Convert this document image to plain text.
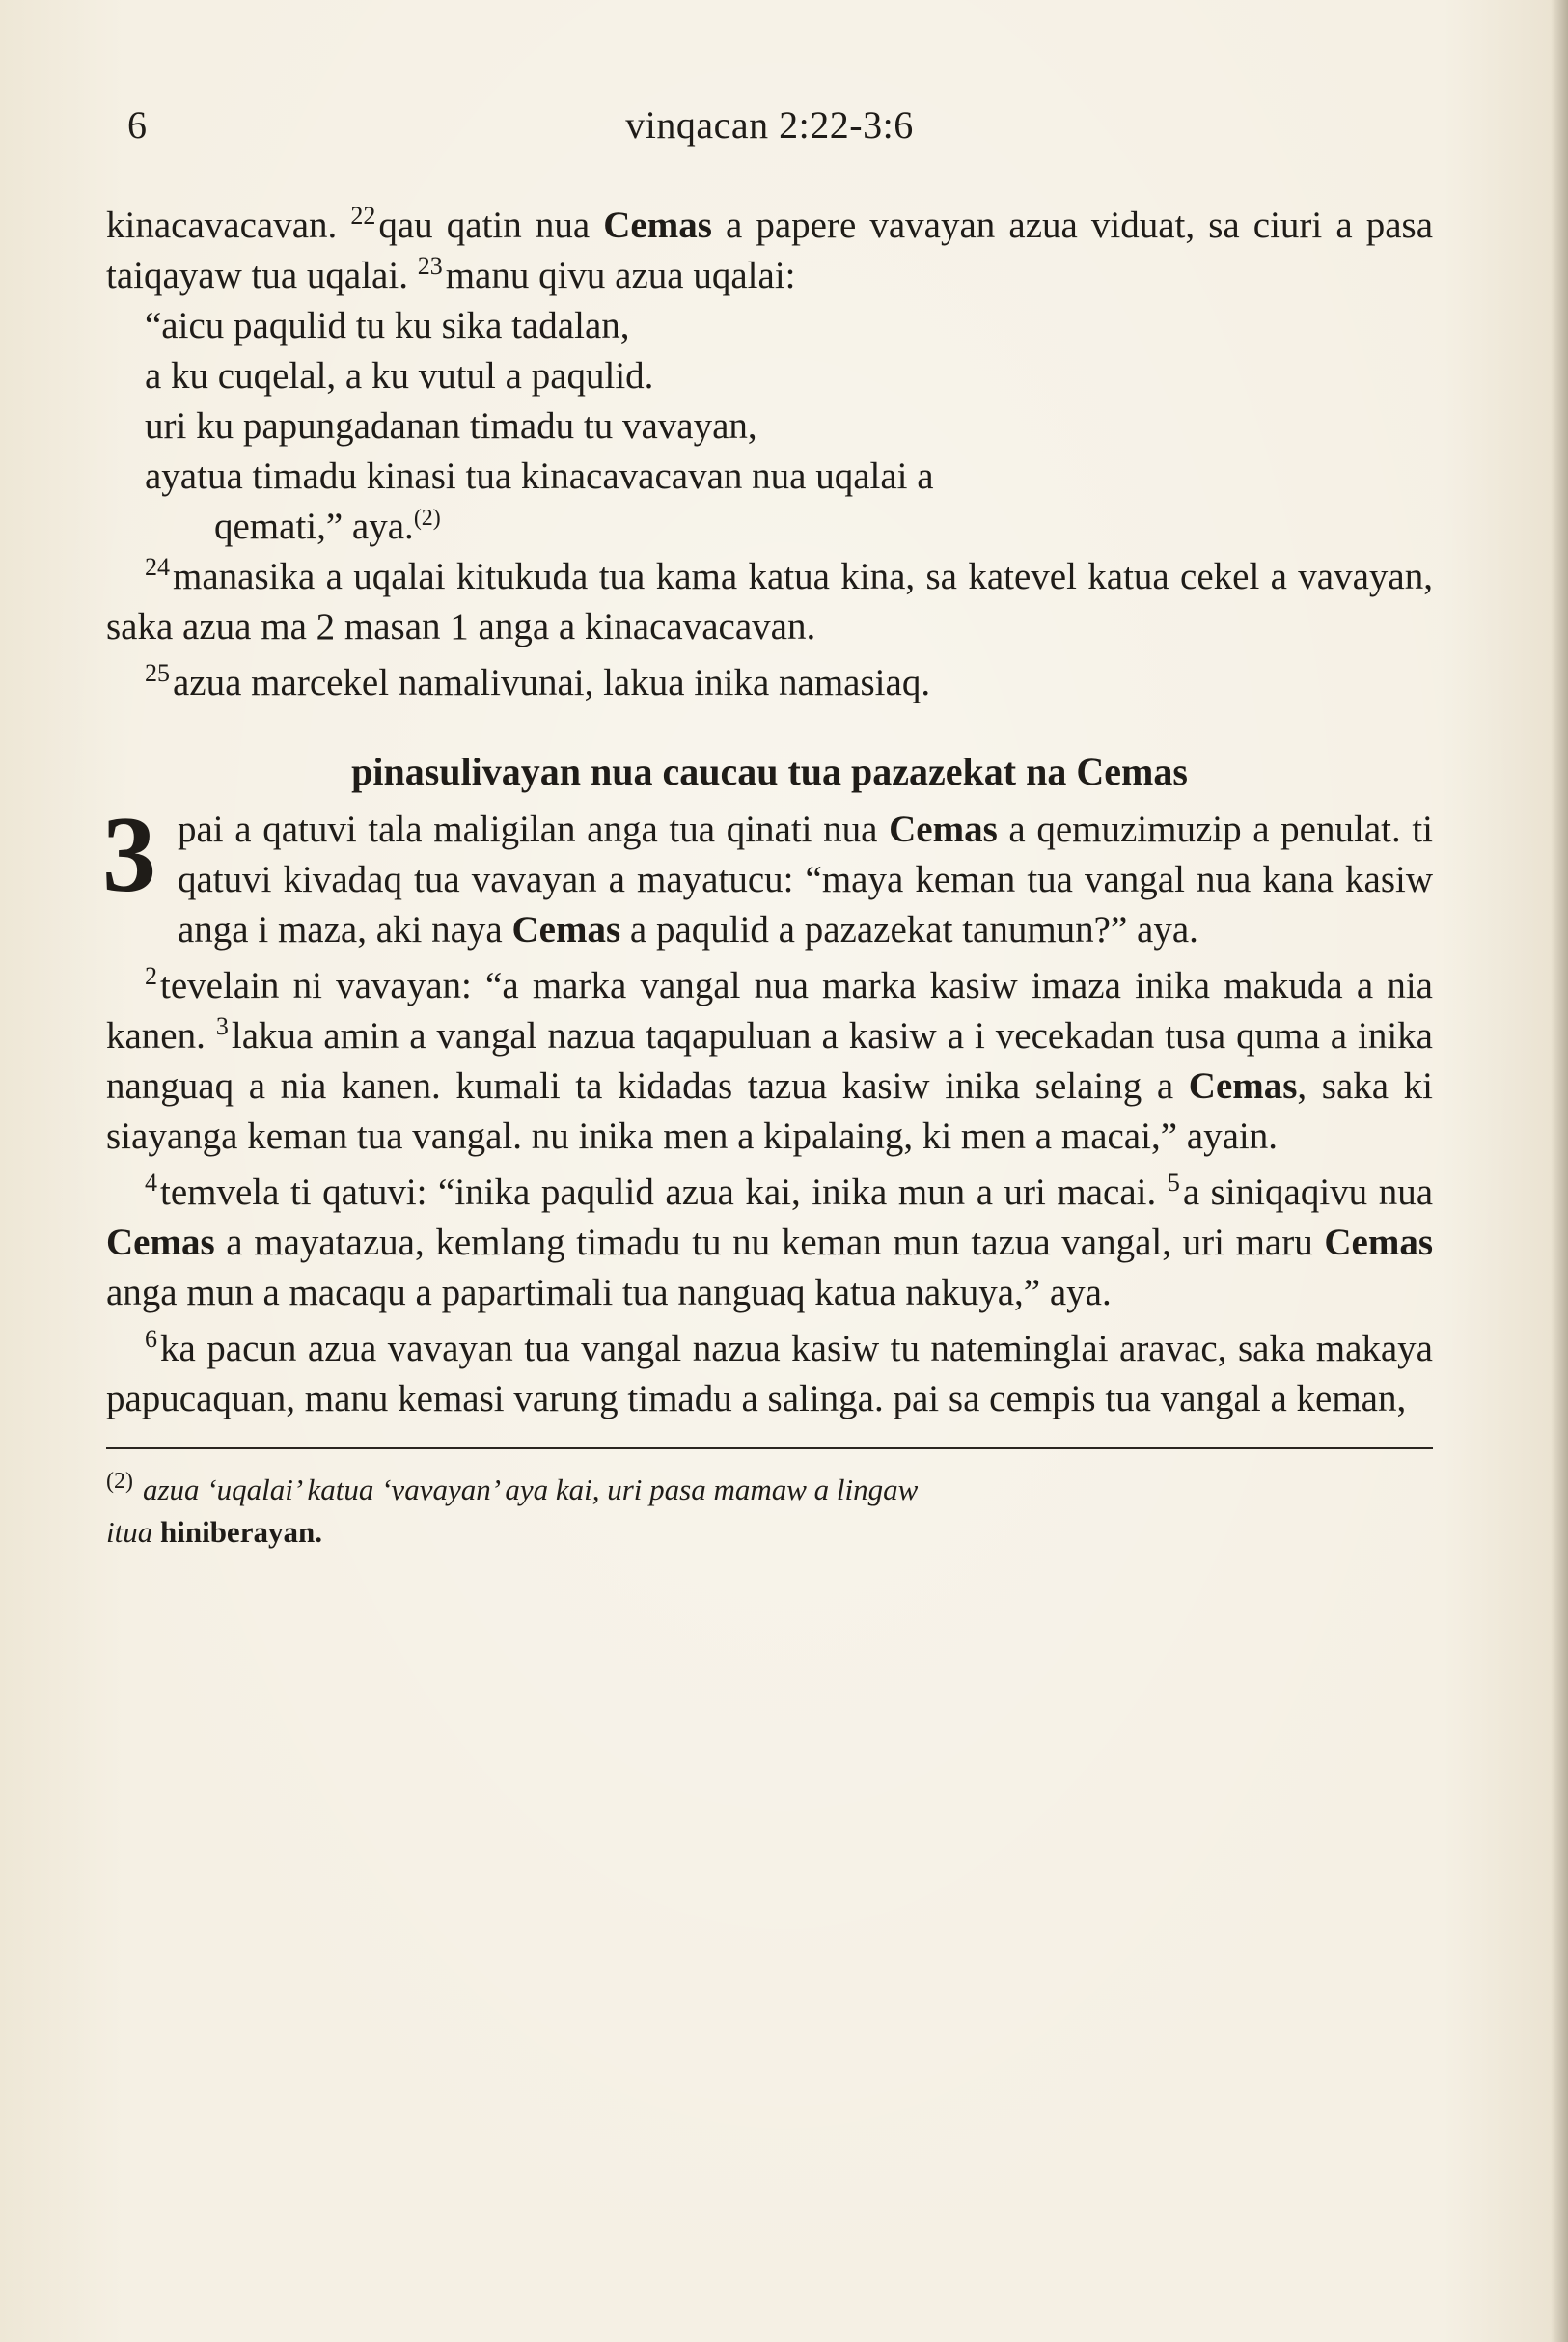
6	vinqacan 2:22-3:6

kinacavacavan. $^{22}$qau qatin nua Cemas a papere vavayan azua viduat, sa ciuri a pasa taiqayaw tua uqalai. $^{23}$manu qivu azua uqalai:

“aicu paqulid tu ku sika tadalan,
a ku cuqelal, a ku vutul a paqulid.
uri ku papungadanan timadu tu vavayan,
ayatua timadu kinasi tua kinacavacavan nua uqalai a
qemati,” aya.$^{(2)}$

$^{24}$manasika a uqalai kitukuda tua kama katua kina, sa katevel katua cekel a vavayan, saka azua ma 2 masan 1 anga a kinacavacavan.

$^{25}$azua marcekel namalivunai, lakua inika namasiaq.

pinasulivayan nua caucau tua pazazekat na Cemas

3 pai a qatuvi tala maligilan anga tua qinati nua Cemas a qemuzimuzip a penulat. ti qatuvi kivadaq tua vavayan a mayatucu: “maya keman tua vangal nua kana kasiw anga i maza, aki naya Cemas a paqulid a pazazekat tanumun?” aya.

$^2$tevelain ni vavayan: “a marka vangal nua marka kasiw imaza inika makuda a nia kanen. $^3$lakua amin a vangal nazua taqapuluan a kasiw a i vecekadan tusa quma a inika nanguaq a nia kanen. kumali ta kidadas tazua kasiw inika selaing a Cemas, saka ki siayanga keman tua vangal. nu inika men a kipalaing, ki men a macai,” ayain.

$^4$temvela ti qatuvi: “inika paqulid azua kai, inika mun a uri macai. $^5$a siniqaqivu nua Cemas a mayatazua, kemlang timadu tu nu keman mun tazua vangal, uri maru Cemas anga mun a macaqu a papartimali tua nanguaq katua nakuya,” aya.

$^6$ka pacun azua vavayan tua vangal nazua kasiw tu nateminglai aravac, saka makaya papucaquan, manu kemasi varung timadu a salinga. pai sa cempis tua vangal a keman,

$^{(2)}$ azua ‘uqalai’ katua ‘vavayan’ aya kai, uri pasa mamaw a lingaw
itua hiniberayan.
